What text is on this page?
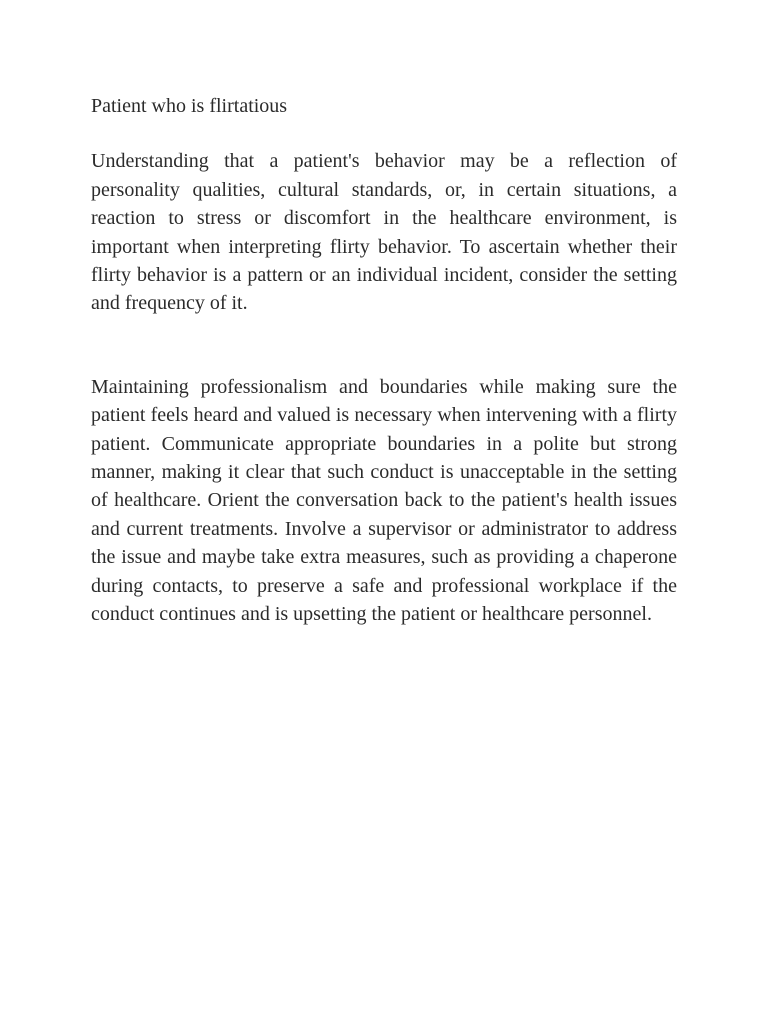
Patient who is flirtatious

Understanding that a patient's behavior may be a reflection of personality qualities, cultural standards, or, in certain situations, a reaction to stress or discomfort in the healthcare environment, is important when interpreting flirty behavior. To ascertain whether their flirty behavior is a pattern or an individual incident, consider the setting and frequency of it.

Maintaining professionalism and boundaries while making sure the patient feels heard and valued is necessary when intervening with a flirty patient. Communicate appropriate boundaries in a polite but strong manner, making it clear that such conduct is unacceptable in the setting of healthcare. Orient the conversation back to the patient's health issues and current treatments. Involve a supervisor or administrator to address the issue and maybe take extra measures, such as providing a chaperone during contacts, to preserve a safe and professional workplace if the conduct continues and is upsetting the patient or healthcare personnel.
